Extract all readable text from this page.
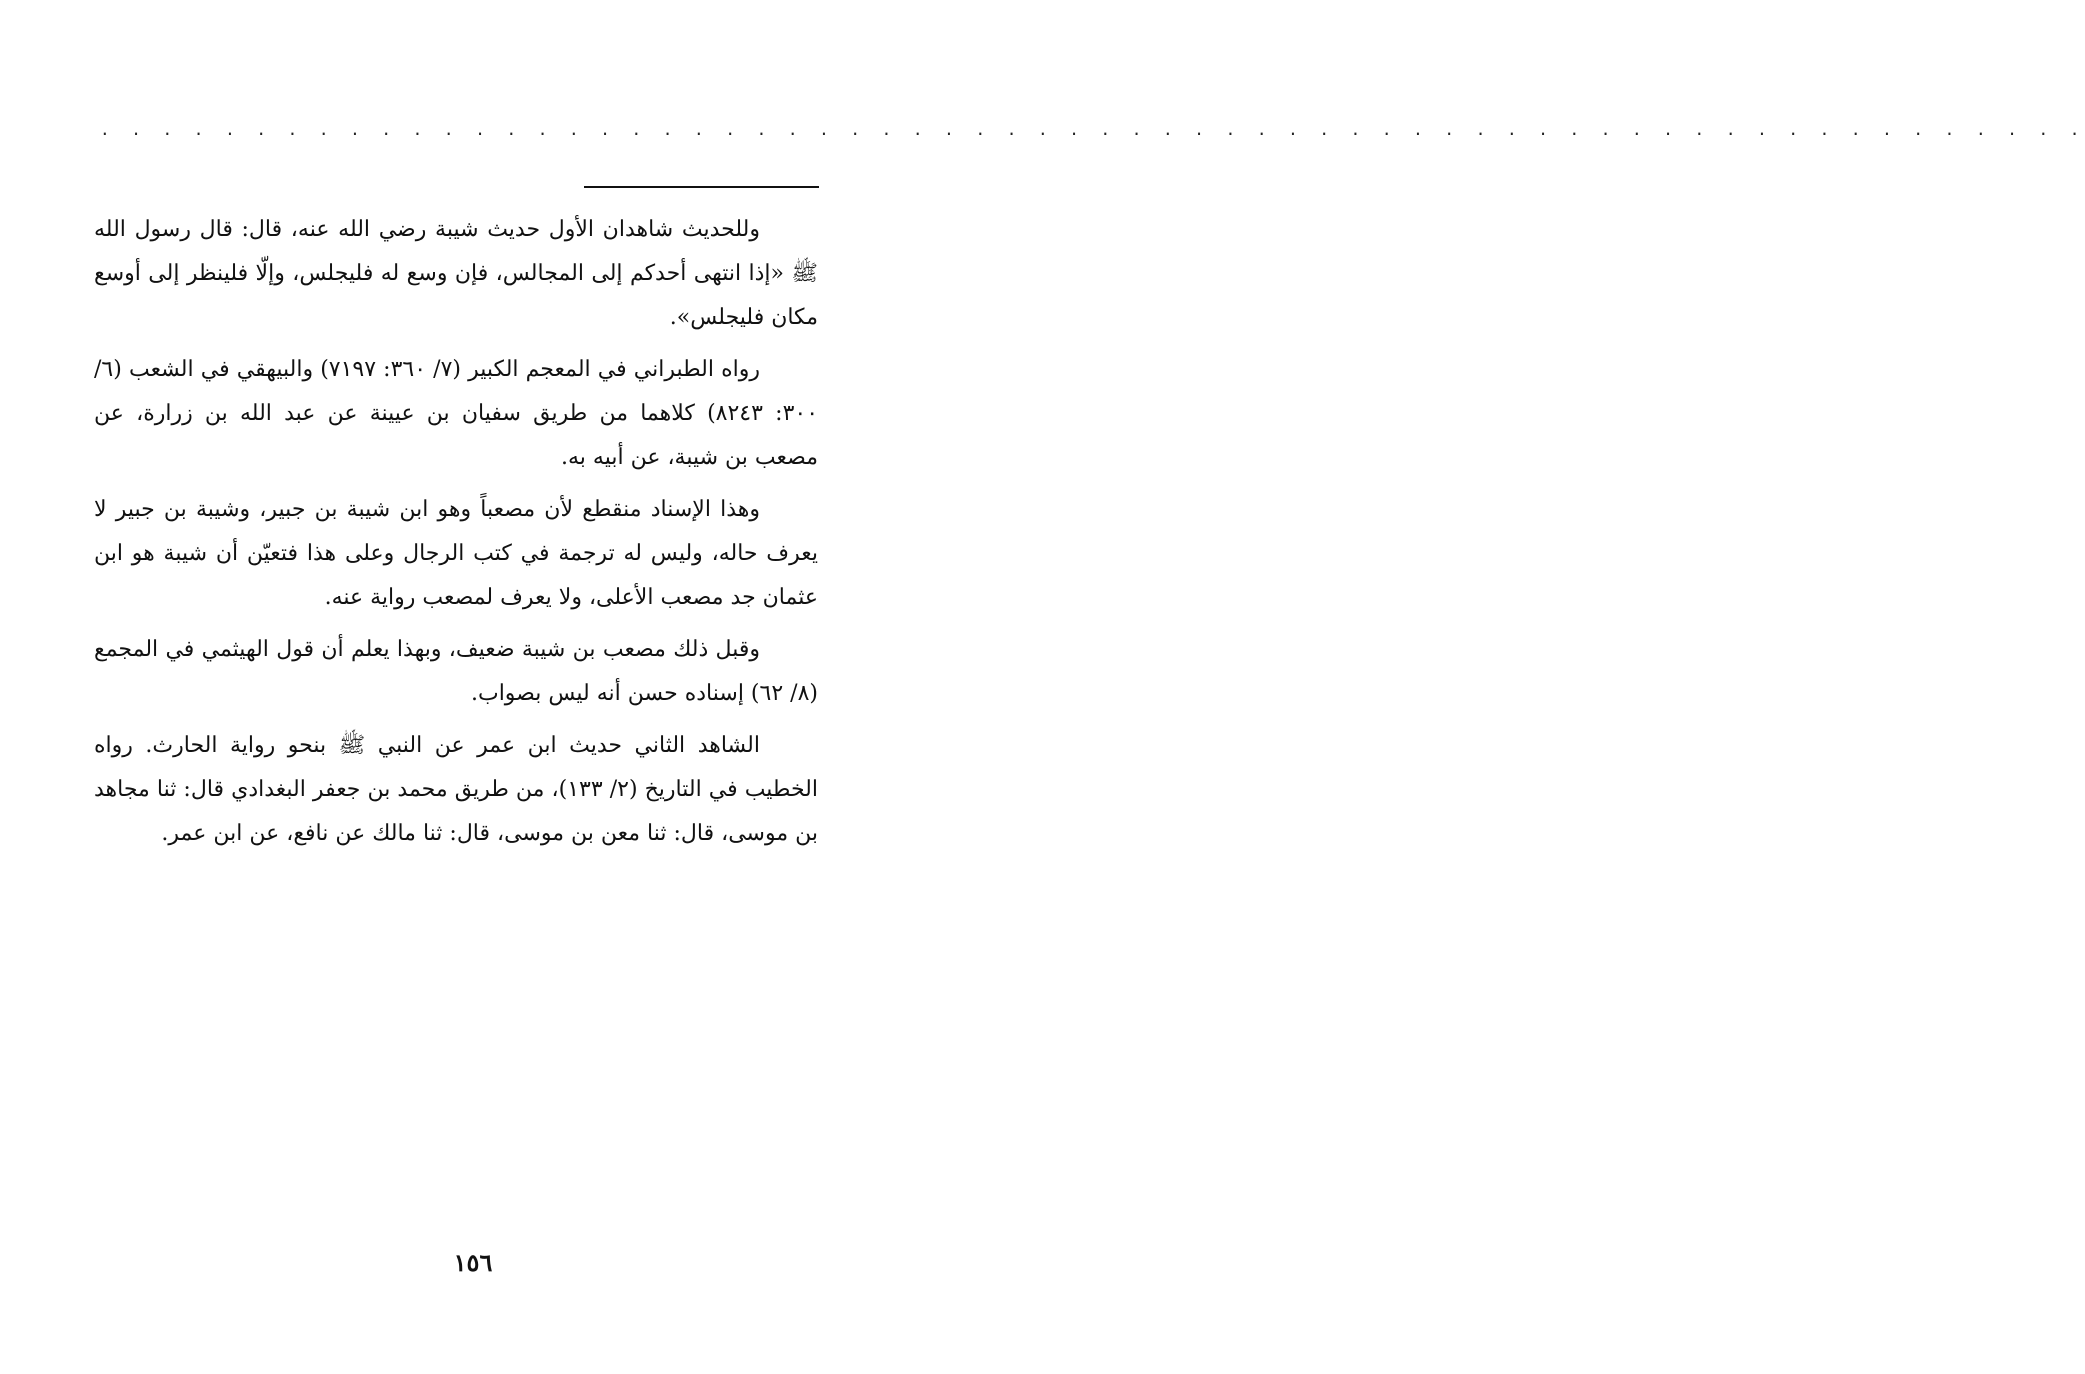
. . . . . . . . . . . . . . . . . . . . . . . . . . . . . . . . . . . . . . . . . . . . . . . . . . . . . . . . . . . . . . . .

وللحديث شاهدان الأول حديث شيبة رضي الله عنه، قال: قال رسول الله ﷺ «إذا انتهى أحدكم إلى المجالس، فإن وسع له فليجلس، وإلّا فلينظر إلى أوسع مكان فليجلس».

رواه الطبراني في المعجم الكبير (٧/ ٣٦٠: ٧١٩٧) والبيهقي في الشعب (٦/ ٣٠٠: ٨٢٤٣) كلاهما من طريق سفيان بن عيينة عن عبد الله بن زرارة، عن مصعب بن شيبة، عن أبيه به.

وهذا الإسناد منقطع لأن مصعباً وهو ابن شيبة بن جبير، وشيبة بن جبير لا يعرف حاله، وليس له ترجمة في كتب الرجال وعلى هذا فتعيّن أن شيبة هو ابن عثمان جد مصعب الأعلى، ولا يعرف لمصعب رواية عنه.

وقبل ذلك مصعب بن شيبة ضعيف، وبهذا يعلم أن قول الهيثمي في المجمع (٨/ ٦٢) إسناده حسن أنه ليس بصواب.

الشاهد الثاني حديث ابن عمر عن النبي ﷺ بنحو رواية الحارث. رواه الخطيب في التاريخ (٢/ ١٣٣)، من طريق محمد بن جعفر البغدادي قال: ثنا مجاهد بن موسى، قال: ثنا معن بن موسى، قال: ثنا مالك عن نافع، عن ابن عمر.

١٥٦
